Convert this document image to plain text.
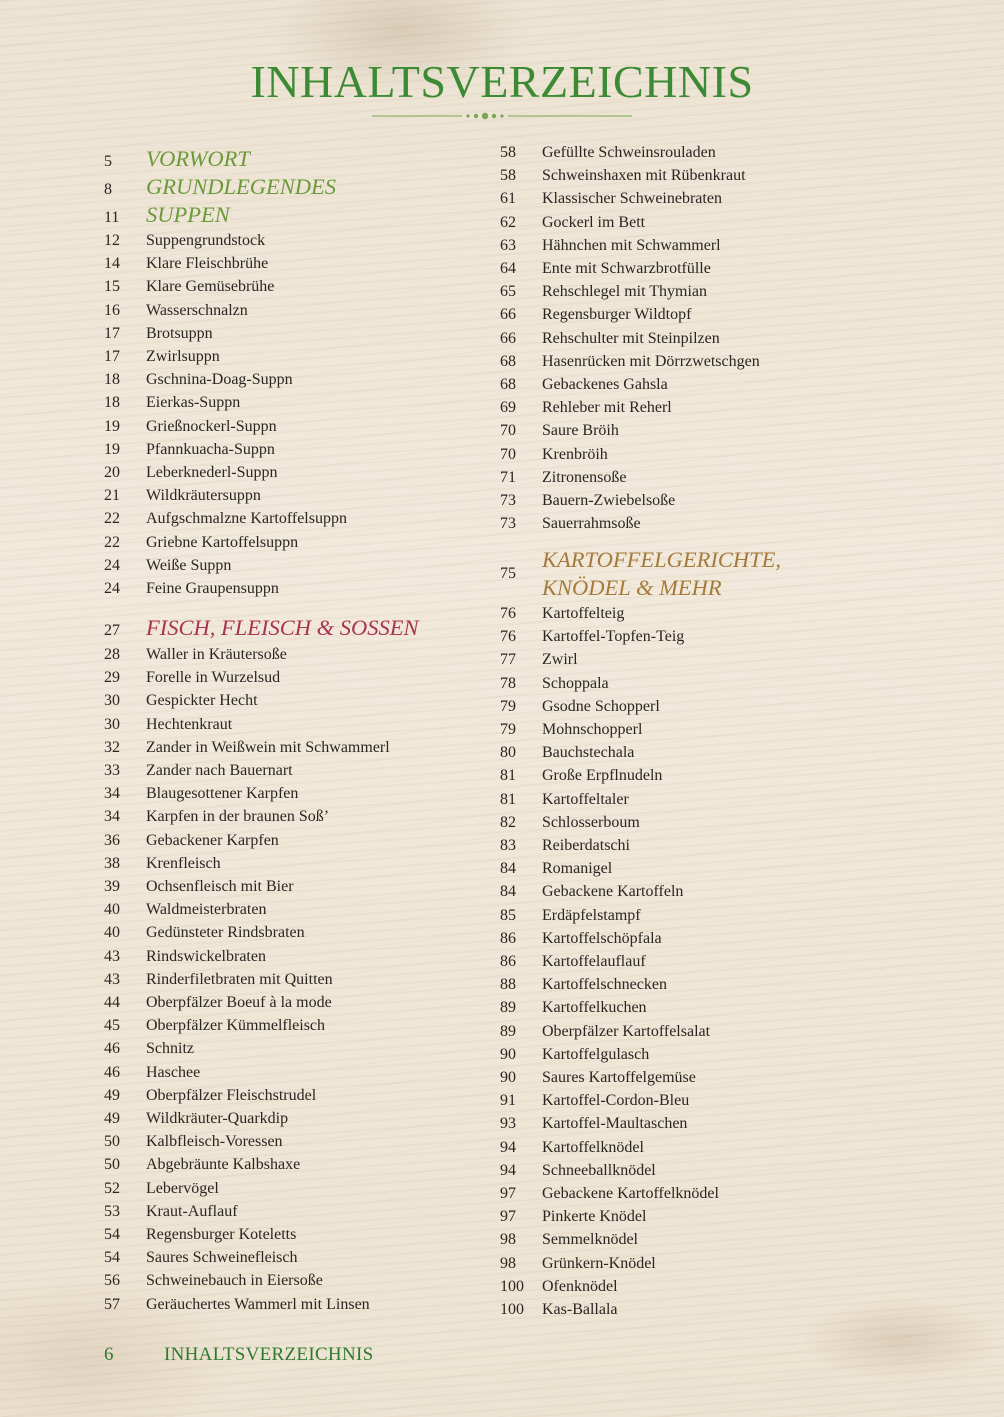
INHALTSVERZEICHNIS
5 VORWORT
8 GRUNDLEGENDES
11 SUPPEN
12 Suppengrundstock
14 Klare Fleischbrühe
15 Klare Gemüsebrühe
16 Wasserschnalzn
17 Brotsuppn
17 Zwirlsuppn
18 Gschnina-Doag-Suppn
18 Eierkas-Suppn
19 Grießnockerl-Suppn
19 Pfannkuacha-Suppn
20 Leberknederl-Suppn
21 Wildkräutersuppn
22 Aufgschmalzne Kartoffelsuppn
22 Griebne Kartoffelsuppn
24 Weiße Suppn
24 Feine Graupensuppn
27 FISCH, FLEISCH & SOSSEN
28 Waller in Kräutersoße
29 Forelle in Wurzelsud
30 Gespickter Hecht
30 Hechtenkraut
32 Zander in Weißwein mit Schwammerl
33 Zander nach Bauernart
34 Blaugesottener Karpfen
34 Karpfen in der braunen Soß’
36 Gebackener Karpfen
38 Krenfleisch
39 Ochsenfleisch mit Bier
40 Waldmeisterbraten
40 Gedünsteter Rindsbraten
43 Rindswickelbraten
43 Rinderfiletbraten mit Quitten
44 Oberpfälzer Boeuf à la mode
45 Oberpfälzer Kümmelfleisch
46 Schnitz
46 Haschee
49 Oberpfälzer Fleischstrudel
49 Wildkräuter-Quarkdip
50 Kalbfleisch-Voressen
50 Abgebräunte Kalbshaxe
52 Lebervögel
53 Kraut-Auflauf
54 Regensburger Koteletts
54 Saures Schweinefleisch
56 Schweinebauch in Eiersoße
57 Geräuchertes Wammerl mit Linsen
58 Gefüllte Schweinsrouladen
58 Schweinshaxen mit Rübenkraut
61 Klassischer Schweinebraten
62 Gockerl im Bett
63 Hähnchen mit Schwammerl
64 Ente mit Schwarzbrotfülle
65 Rehschlegel mit Thymian
66 Regensburger Wildtopf
66 Rehschulter mit Steinpilzen
68 Hasenrücken mit Dörrzwetschgen
68 Gebackenes Gahsla
69 Rehleber mit Reherl
70 Saure Bröih
70 Krenbröih
71 Zitronensoße
73 Bauern-Zwiebelsoße
73 Sauerrahmsoße
75
KARTOFFELGERICHTE,
KNÖDEL & MEHR
76 Kartoffelteig
76 Kartoffel-Topfen-Teig
77 Zwirl
78 Schoppala
79 Gsodne Schopperl
79 Mohnschopperl
80 Bauchstechala
81 Große Erpflnudeln
81 Kartoffeltaler
82 Schlosserboum
83 Reiberdatschi
84 Romanigel
84 Gebackene Kartoffeln
85 Erdäpfelstampf
86 Kartoffelschöpfala
86 Kartoffelauflauf
88 Kartoffelschnecken
89 Kartoffelkuchen
89 Oberpfälzer Kartoffelsalat
90 Kartoffelgulasch
90 Saures Kartoffelgemüse
91 Kartoffel-Cordon-Bleu
93 Kartoffel-Maultaschen
94 Kartoffelknödel
94 Schneeballknödel
97 Gebackene Kartoffelknödel
97 Pinkerte Knödel
98 Semmelknödel
98 Grünkern-Knödel
100 Ofenknödel
100 Kas-Ballala
6	INHALTSVERZEICHNIS
